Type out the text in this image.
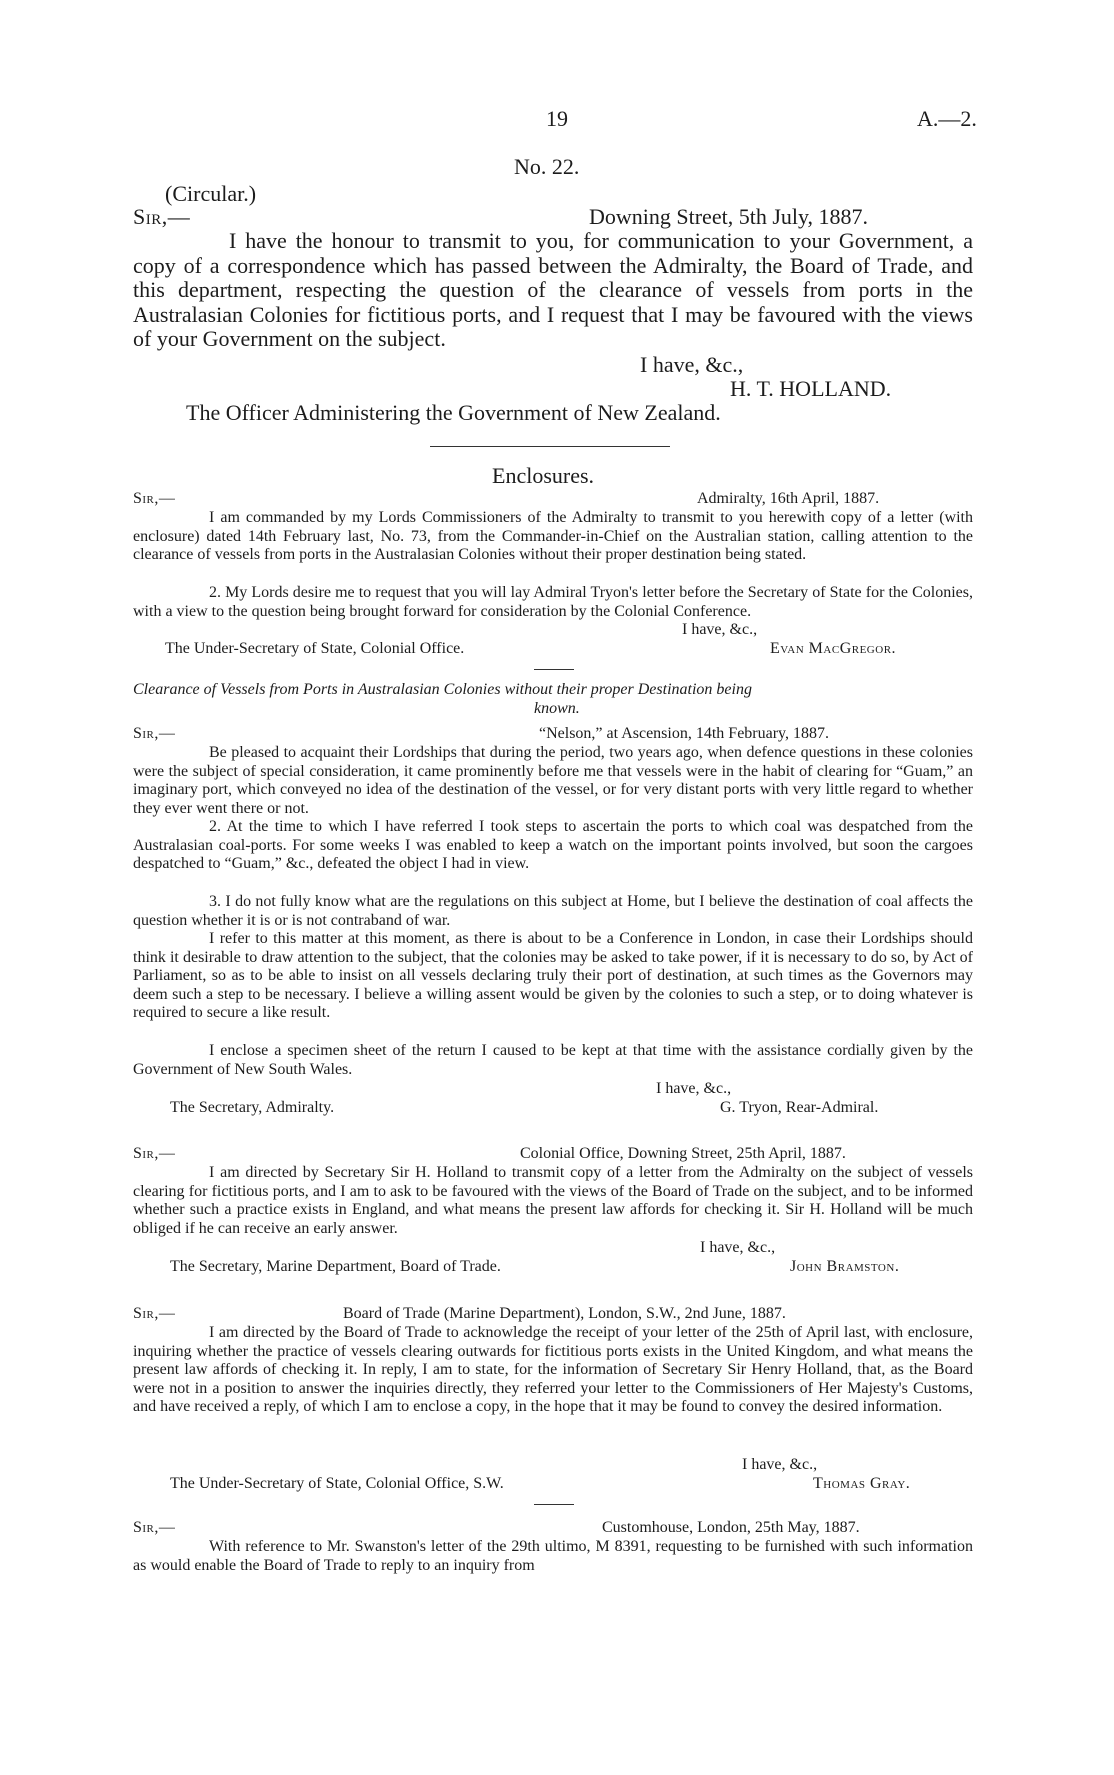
19	A.—2.
No. 22.
(Circular.)
Sir,—	Downing Street, 5th July, 1887.

I have the honour to transmit to you, for communication to your Government, a copy of a correspondence which has passed between the Admiralty, the Board of Trade, and this department, respecting the question of the clearance of vessels from ports in the Australasian Colonies for fictitious ports, and I request that I may be favoured with the views of your Government on the subject.

I have, &c.,
H. T. HOLLAND.
The Officer Administering the Government of New Zealand.
Enclosures.
Sir,—	Admiralty, 16th April, 1887.

I am commanded by my Lords Commissioners of the Admiralty to transmit to you herewith copy of a letter (with enclosure) dated 14th February last, No. 73, from the Commander-in-Chief on the Australian station, calling attention to the clearance of vessels from ports in the Australasian Colonies without their proper destination being stated.

2. My Lords desire me to request that you will lay Admiral Tryon's letter before the Secretary of State for the Colonies, with a view to the question being brought forward for consideration by the Colonial Conference.

I have, &c.,
The Under-Secretary of State, Colonial Office.	Evan MacGregor.
Clearance of Vessels from Ports in Australasian Colonies without their proper Destination being
known.
Sir,—	“Nelson,” at Ascension, 14th February, 1887.

Be pleased to acquaint their Lordships that during the period, two years ago, when defence questions in these colonies were the subject of special consideration, it came prominently before me that vessels were in the habit of clearing for “Guam,” an imaginary port, which conveyed no idea of the destination of the vessel, or for very distant ports with very little regard to whether they ever went there or not.

2. At the time to which I have referred I took steps to ascertain the ports to which coal was despatched from the Australasian coal-ports. For some weeks I was enabled to keep a watch on the important points involved, but soon the cargoes despatched to “Guam,” &c., defeated the object I had in view.

3. I do not fully know what are the regulations on this subject at Home, but I believe the destination of coal affects the question whether it is or is not contraband of war.

I refer to this matter at this moment, as there is about to be a Conference in London, in case their Lordships should think it desirable to draw attention to the subject, that the colonies may be asked to take power, if it is necessary to do so, by Act of Parliament, so as to be able to insist on all vessels declaring truly their port of destination, at such times as the Governors may deem such a step to be necessary. I believe a willing assent would be given by the colonies to such a step, or to doing whatever is required to secure a like result.

I enclose a specimen sheet of the return I caused to be kept at that time with the assistance cordially given by the Government of New South Wales.

I have, &c.,
The Secretary, Admiralty.	G. Tryon, Rear-Admiral.
Sir,—	Colonial Office, Downing Street, 25th April, 1887.

I am directed by Secretary Sir H. Holland to transmit copy of a letter from the Admiralty on the subject of vessels clearing for fictitious ports, and I am to ask to be favoured with the views of the Board of Trade on the subject, and to be informed whether such a practice exists in England, and what means the present law affords for checking it. Sir H. Holland will be much obliged if he can receive an early answer.

I have, &c.,
The Secretary, Marine Department, Board of Trade.	John Bramston.
Sir,—	Board of Trade (Marine Department), London, S.W., 2nd June, 1887.

I am directed by the Board of Trade to acknowledge the receipt of your letter of the 25th of April last, with enclosure, inquiring whether the practice of vessels clearing outwards for fictitious ports exists in the United Kingdom, and what means the present law affords of checking it. In reply, I am to state, for the information of Secretary Sir Henry Holland, that, as the Board were not in a position to answer the inquiries directly, they referred your letter to the Commissioners of Her Majesty's Customs, and have received a reply, of which I am to enclose a copy, in the hope that it may be found to convey the desired information.

I have, &c.,
The Under-Secretary of State, Colonial Office, S.W.	Thomas Gray.
Sir,—	Customhouse, London, 25th May, 1887.

With reference to Mr. Swanston's letter of the 29th ultimo, M 8391, requesting to be furnished with such information as would enable the Board of Trade to reply to an inquiry from
